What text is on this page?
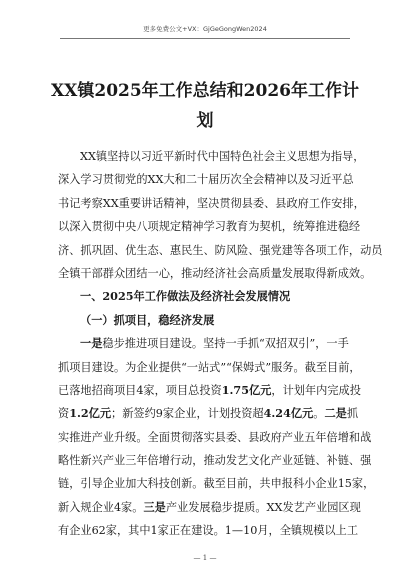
更多免费公文+VX：GjGeGongWen2024
XX镇2025年工作总结和2026年工作计
划
XX镇坚持以习近平新时代中国特色社会主义思想为指导，
深入学习贯彻党的XX大和二十届历次全会精神以及习近平总
书记考察XX重要讲话精神，坚决贯彻县委、县政府工作安排，
以深入贯彻中央八项规定精神学习教育为契机，统筹推进稳经
济、抓巩固、优生态、惠民生、防风险、强党建等各项工作，动员
全镇干部群众团结一心，推动经济社会高质量发展取得新成效。
一、2025年工作做法及经济社会发展情况
（一）抓项目，稳经济发展
一是稳步推进项目建设。坚持一手抓“双招双引”，一手
抓项目建设。为企业提供“一站式”“保姆式”服务。截至目前，
已落地招商项目4家，项目总投资1.75亿元，计划年内完成投
资1.2亿元；新签约9家企业，计划投资超4.24亿元。二是抓
实推进产业升级。全面贯彻落实县委、县政府产业五年倍增和战
略性新兴产业三年倍增行动，推动发艺文化产业延链、补链、强
链，引导企业加大科技创新。截至目前，共申报科小企业15家，
新入规企业4家。三是产业发展稳步提质。XX发艺产业园区现
有企业62家，其中1家正在建设。1—10月，全镇规模以上工
— 1 —
